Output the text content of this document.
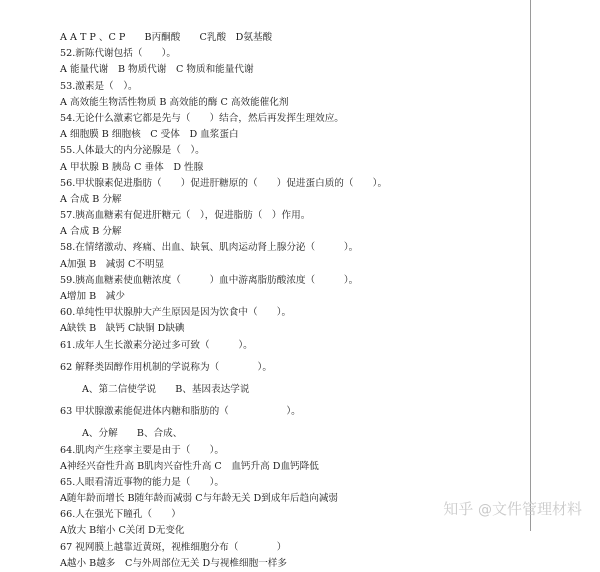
A A T P 、C P　　B丙酮酸　　C乳酸　D氨基酸
52.新陈代谢包括（　　）。
A 能量代谢　B 物质代谢　C 物质和能量代谢
53.激素是（　）。
A 高效能生物活性物质 B 高效能的酶 C 高效能催化剂
54.无论什么激素它都是先与（　　）结合，然后再发挥生理效应。
A 细胞膜 B 细胞核　C 受体　D 血浆蛋白
55.人体最大的内分泌腺是（　）。
A 甲状腺 B 胰岛 C 垂体　D 性腺
56.甲状腺素促进脂肪（　　）促进肝糖原的（　　）促进蛋白质的（　　）。
A 合成 B 分解
57.胰高血糖素有促进肝糖元（　），促进脂肪（　）作用。
A 合成 B 分解
58.在情绪激动、疼痛、出血、缺氧、肌肉运动肾上腺分泌（　　　）。
A加强 B　减弱 C不明显
59.胰高血糖素使血糖浓度（　　　）血中游离脂肪酸浓度（　　　）。
A增加 B　减少
60.单纯性甲状腺肿大产生原因是因为饮食中（　　）。
A缺铁 B　缺钙 C缺铜 D缺碘
61.成年人生长激素分泌过多可致（　　　）。
62 解释类固醇作用机制的学说称为（　　　　）。
A、第二信使学说　　B、基因表达学说
63 甲状腺激素能促进体内糖和脂肪的（　　　　　　）。
A、分解　　B、合成、
64.肌肉产生痉挛主要是由于（　　）。
A神经兴奋性升高 B肌肉兴奋性升高 C　血钙升高 D血钙降低
65.人眼看清近事物的能力是（　　）。
A随年龄而增长 B随年龄而减弱 C与年龄无关 D到成年后趋向减弱
66.人在强光下瞳孔（　　）
A放大 B缩小 C关闭 D无变化
67 视网膜上越靠近黄斑，视椎细胞分布（　　　　）
A越小 B越多　C与外周部位无关 D与视椎细胞一样多
知乎 @文件管理材料
